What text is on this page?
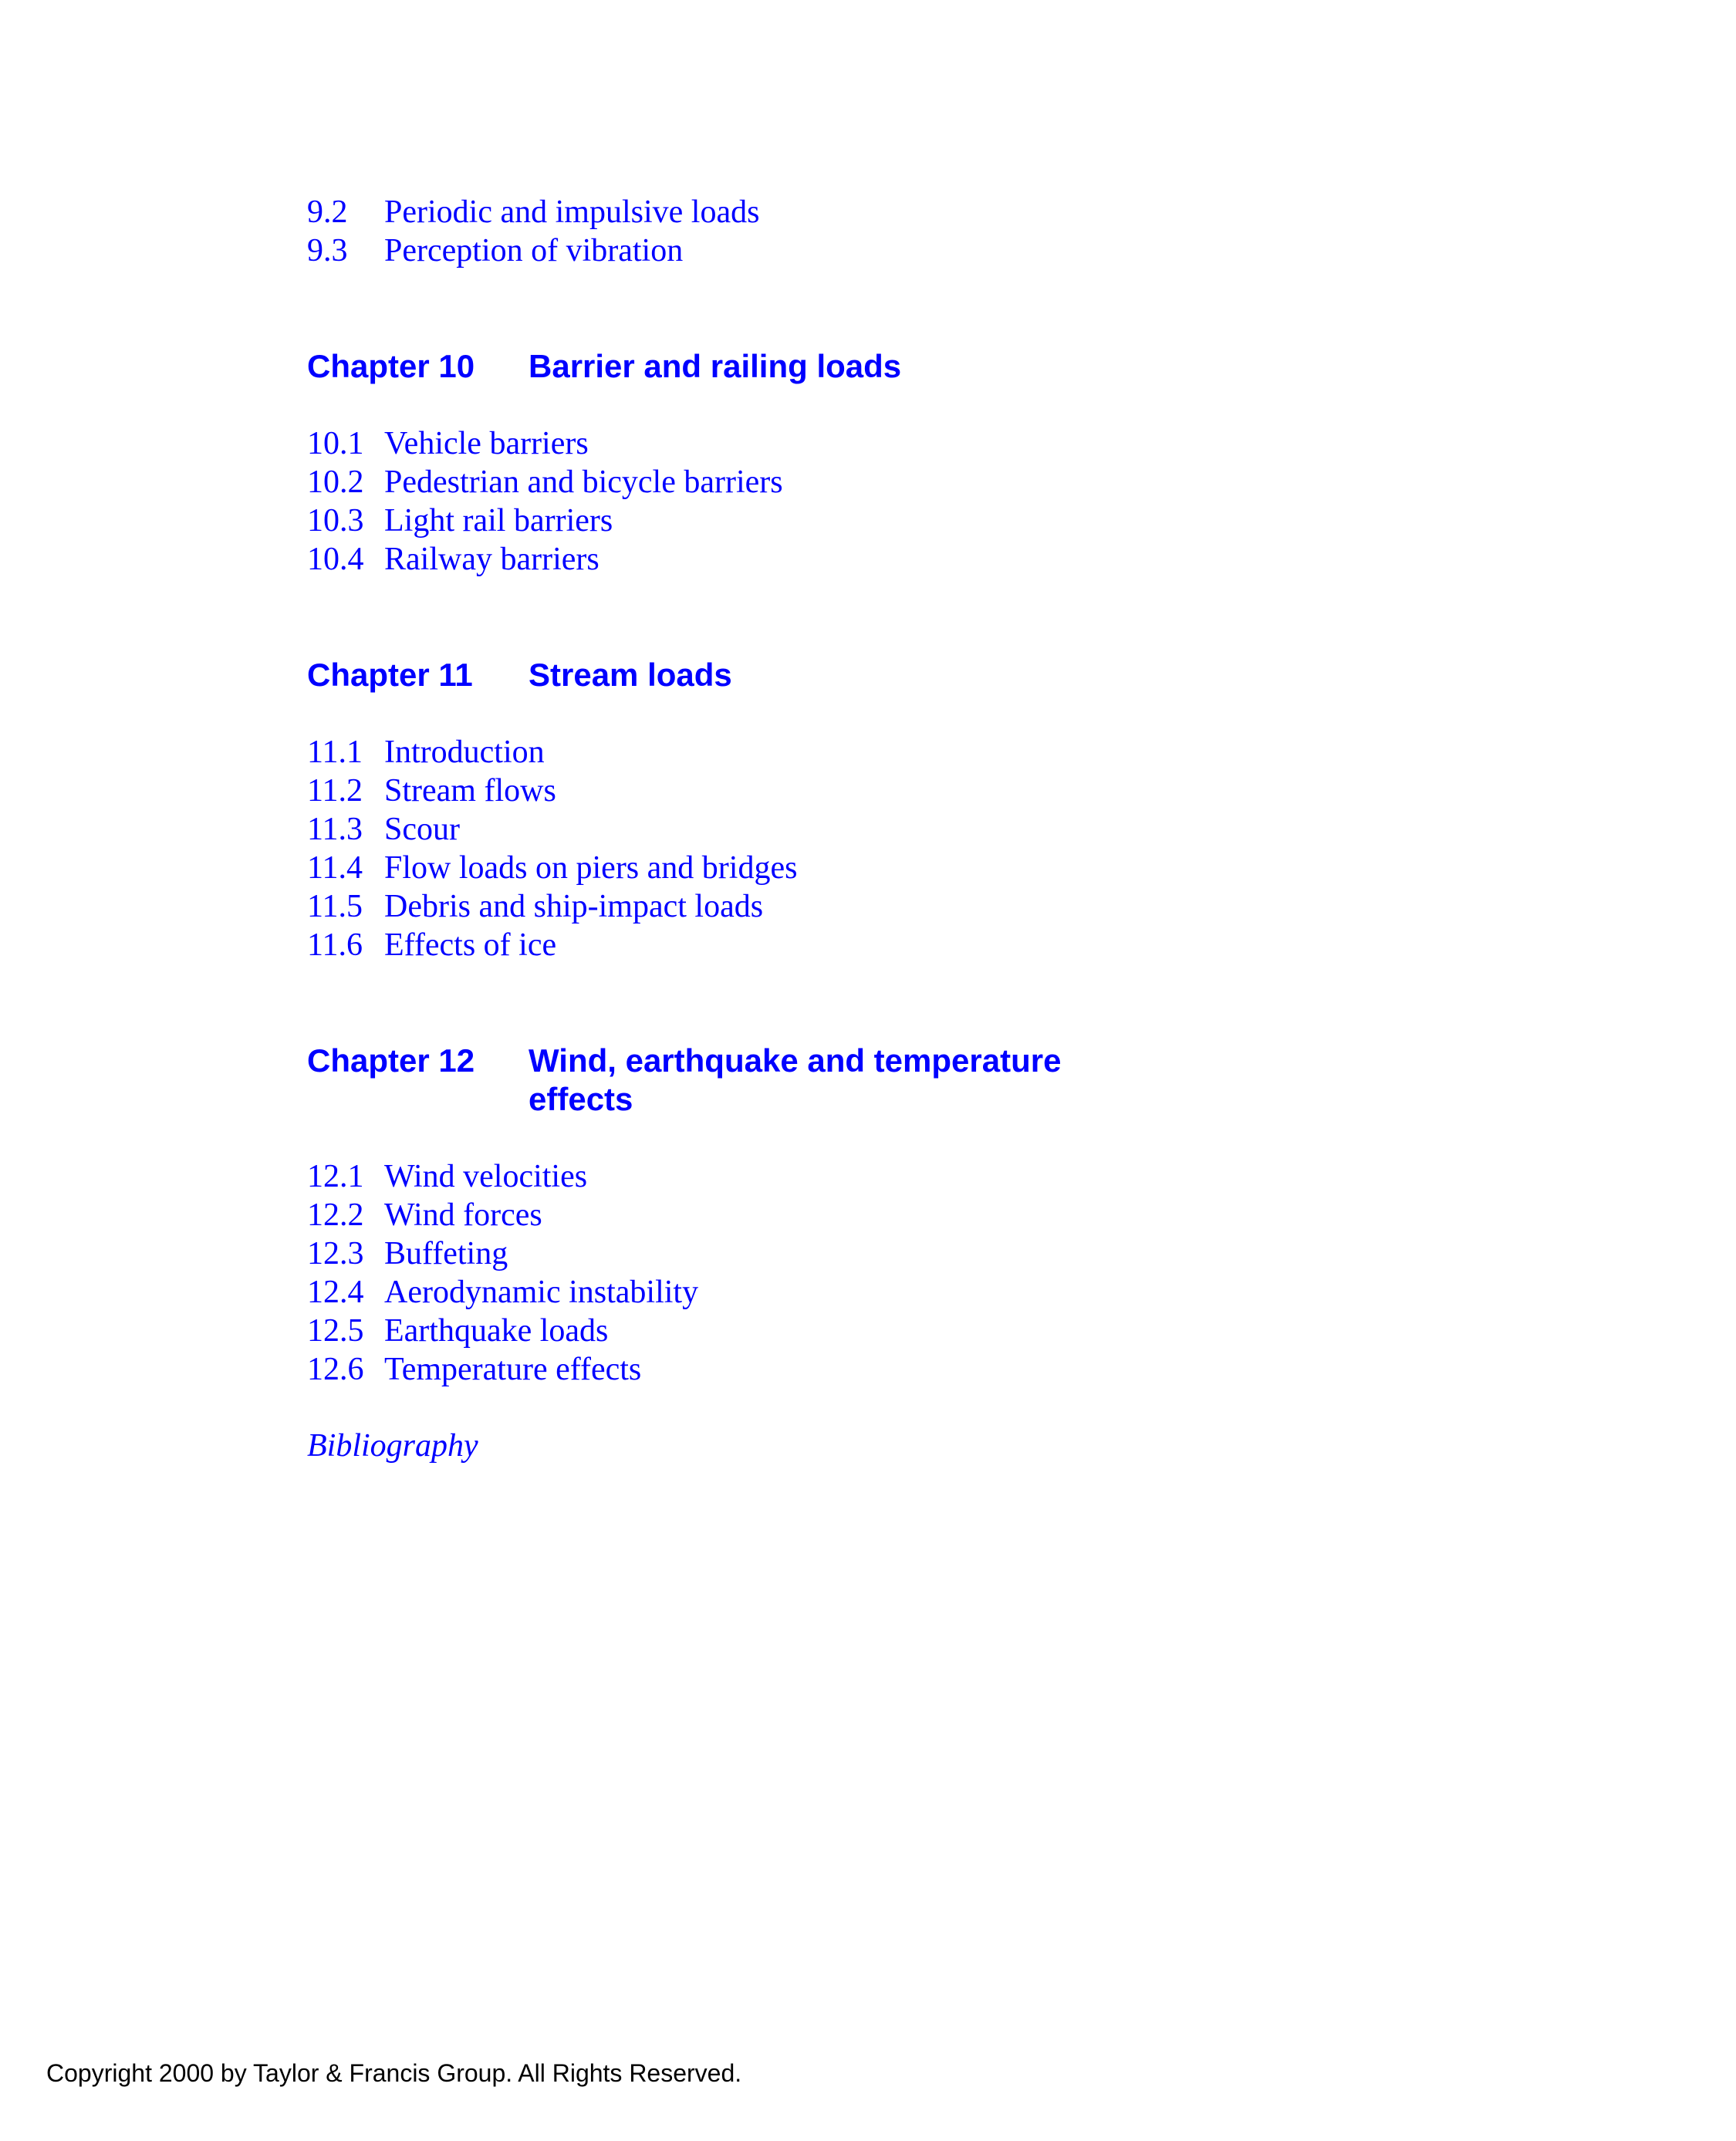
9.2	Periodic and impulsive loads
9.3	Perception of vibration
Chapter 10	Barrier and railing loads
10.1 Vehicle barriers
10.2 Pedestrian and bicycle barriers
10.3 Light rail barriers
10.4 Railway barriers
Chapter 11	Stream loads
11.1 Introduction
11.2 Stream flows
11.3 Scour
11.4 Flow loads on piers and bridges
11.5 Debris and ship-impact loads
11.6 Effects of ice
Chapter 12	Wind, earthquake and temperature effects
12.1 Wind velocities
12.2 Wind forces
12.3 Buffeting
12.4 Aerodynamic instability
12.5 Earthquake loads
12.6 Temperature effects
Bibliography
Copyright 2000 by Taylor & Francis Group. All Rights Reserved.
